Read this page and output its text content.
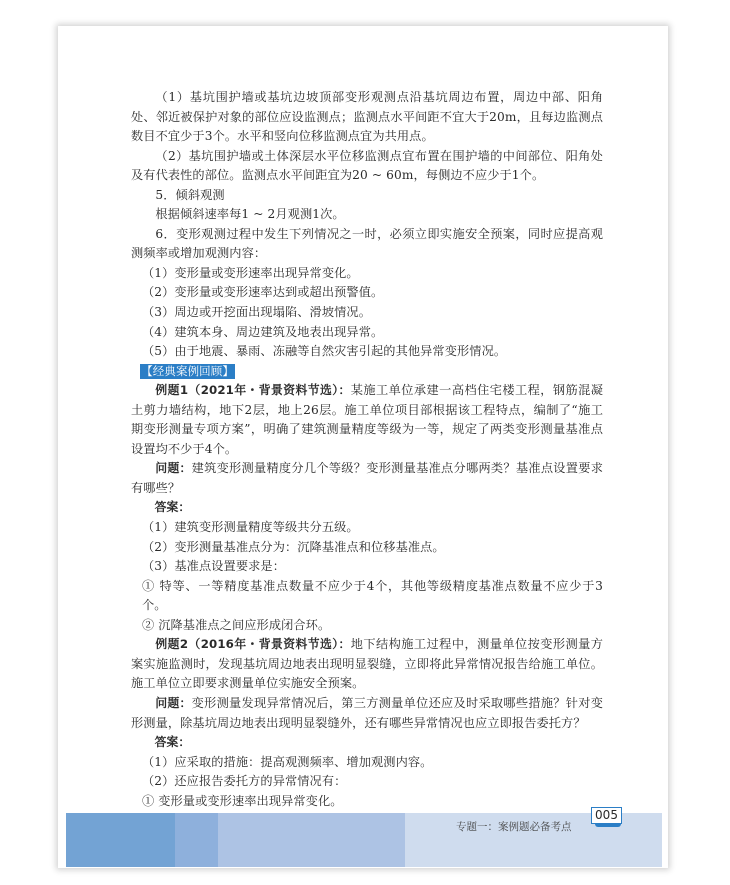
（1）基坑围护墙或基坑边坡顶部变形观测点沿基坑周边布置，周边中部、阳角处、邻近被保护对象的部位应设监测点；监测点水平间距不宜大于20m，且每边监测点数目不宜少于3个。水平和竖向位移监测点宜为共用点。

（2）基坑围护墙或土体深层水平位移监测点宜布置在围护墙的中间部位、阳角处及有代表性的部位。监测点水平间距宜为20 ~ 60m，每侧边不应少于1个。

5．倾斜观测

根据倾斜速率每1 ~ 2月观测1次。

6．变形观测过程中发生下列情况之一时，必须立即实施安全预案，同时应提高观测频率或增加观测内容：

（1）变形量或变形速率出现异常变化。

（2）变形量或变形速率达到或超出预警值。

（3）周边或开挖面出现塌陷、滑坡情况。

（4）建筑本身、周边建筑及地表出现异常。

（5）由于地震、暴雨、冻融等自然灾害引起的其他异常变形情况。

【经典案例回顾】

例题1（2021年・背景资料节选）：某施工单位承建一高档住宅楼工程，钢筋混凝土剪力墙结构，地下2层，地上26层。施工单位项目部根据该工程特点，编制了“施工期变形测量专项方案”，明确了建筑测量精度等级为一等，规定了两类变形测量基准点设置均不少于4个。

问题：建筑变形测量精度分几个等级？变形测量基准点分哪两类？基准点设置要求有哪些？

答案：

（1）建筑变形测量精度等级共分五级。

（2）变形测量基准点分为：沉降基准点和位移基准点。

（3）基准点设置要求是：

① 特等、一等精度基准点数量不应少于4个，其他等级精度基准点数量不应少于3个。

② 沉降基准点之间应形成闭合环。

例题2（2016年・背景资料节选）：地下结构施工过程中，测量单位按变形测量方案实施监测时，发现基坑周边地表出现明显裂缝，立即将此异常情况报告给施工单位。施工单位立即要求测量单位实施安全预案。

问题：变形测量发现异常情况后，第三方测量单位还应及时采取哪些措施？针对变形测量，除基坑周边地表出现明显裂缝外，还有哪些异常情况也应立即报告委托方？

答案：

（1）应采取的措施：提高观测频率、增加观测内容。

（2）还应报告委托方的异常情况有：

① 变形量或变形速率出现异常变化。

专题一：案例题必备考点
005
